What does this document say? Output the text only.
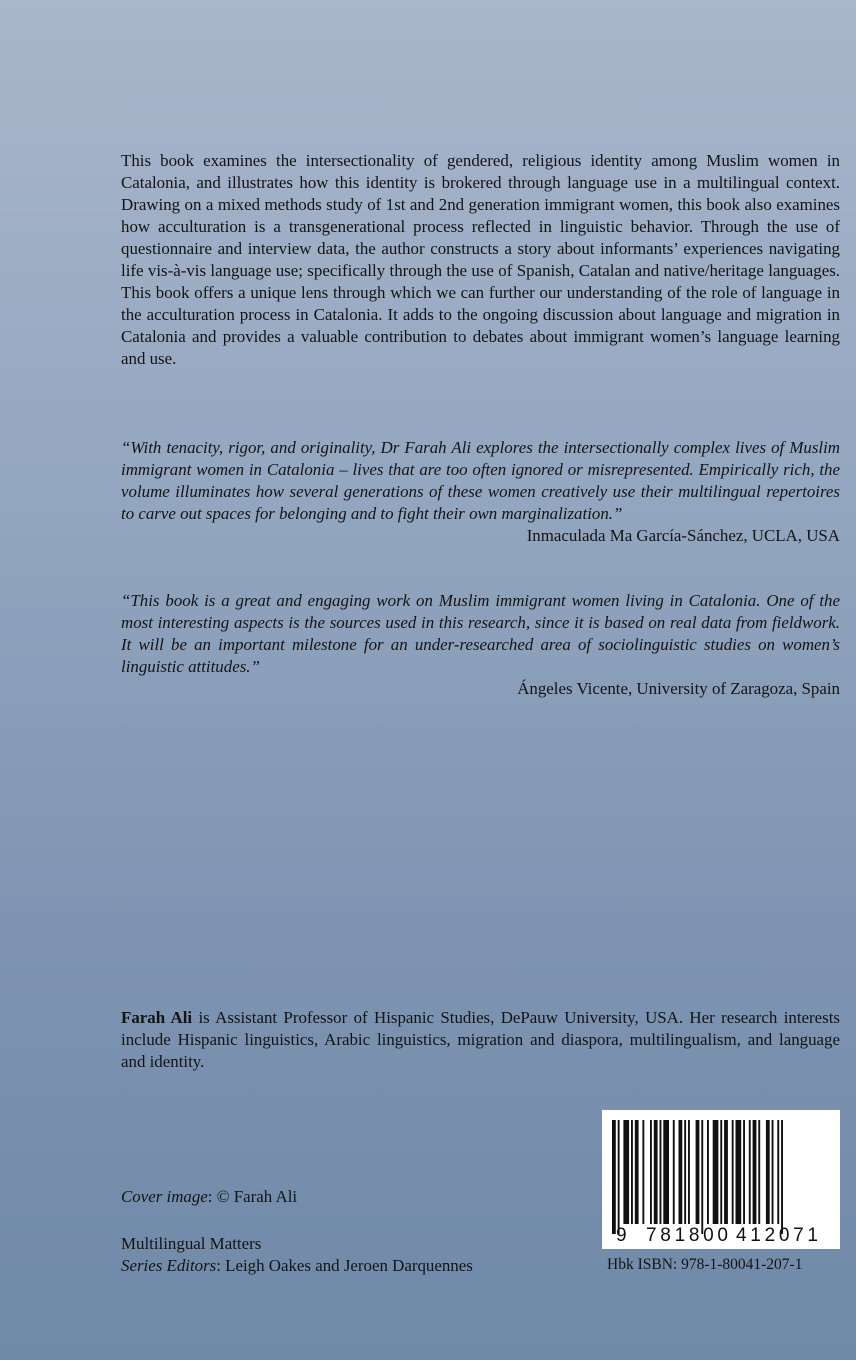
This book examines the intersectionality of gendered, religious identity among Muslim women in Catalonia, and illustrates how this identity is brokered through language use in a multilingual context. Drawing on a mixed methods study of 1st and 2nd generation immigrant women, this book also examines how acculturation is a transgenerational process reflected in linguistic behavior. Through the use of questionnaire and interview data, the author constructs a story about informants’ experiences navigating life vis-à-vis language use; specifically through the use of Spanish, Catalan and native/heritage languages. This book offers a unique lens through which we can further our understanding of the role of language in the acculturation process in Catalonia. It adds to the ongoing discussion about language and migration in Catalonia and provides a valuable contribution to debates about immigrant women’s language learning and use.

“With tenacity, rigor, and originality, Dr Farah Ali explores the intersectionally complex lives of Muslim immigrant women in Catalonia – lives that are too often ignored or misrepresented. Empirically rich, the volume illuminates how several generations of these women creatively use their multilingual repertoires to carve out spaces for belonging and to fight their own marginalization.”

Inmaculada Ma García-Sánchez, UCLA, USA

“This book is a great and engaging work on Muslim immigrant women living in Catalonia. One of the most interesting aspects is the sources used in this research, since it is based on real data from fieldwork. It will be an important milestone for an under-researched area of sociolinguistic studies on women’s linguistic attitudes.”

Ángeles Vicente, University of Zaragoza, Spain

Farah Ali is Assistant Professor of Hispanic Studies, DePauw University, USA. Her research interests include Hispanic linguistics, Arabic linguistics, migration and diaspora, multilingualism, and language and identity.

Cover image: © Farah Ali

Multilingual Matters
Series Editors: Leigh Oakes and Jeroen Darquennes
9 781800 412071
Hbk ISBN: 978-1-80041-207-1
